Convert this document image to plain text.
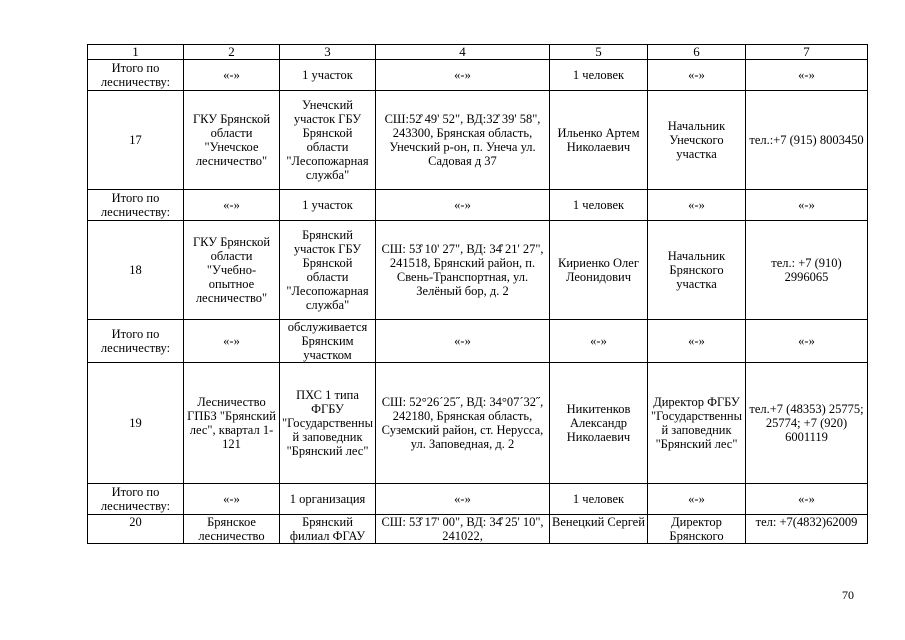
1	2	3	4	5	6	7
Итого по лесничеству:	«-»	1 участок	«-»	1 человек	«-»	«-»
17	ГКУ Брянской области "Унечское лесничество"	Унечский участок ГБУ Брянской области "Лесопожарная служба"	СШ:52̊ 49' 52", ВД:32̊ 39' 58", 243300, Брянская область, Унечский р-он, п. Унеча ул. Садовая д 37	Ильенко Артем Николаевич	Начальник Унечского участка	тел.:+7 (915) 8003450
Итого по лесничеству:	«-»	1 участок	«-»	1 человек	«-»	«-»
18	ГКУ Брянской области "Учебно-опытное лесничество"	Брянский участок ГБУ Брянской области "Лесопожарная служба"	СШ: 53̊ 10' 27", ВД: 34̊ 21' 27", 241518, Брянский район, п. Свень-Транспортная, ул. Зелёный бор, д. 2	Кириенко Олег Леонидович	Начальник Брянского участка	тел.: +7 (910) 2996065
Итого по лесничеству:	«-»	обслуживается Брянским участком	«-»	«-»	«-»	«-»
19	Лесничество ГПБЗ "Брянский лес", квартал 1-121	ПХС 1 типа ФГБУ "Государственный заповедник "Брянский лес"	СШ: 52°26´25˝, ВД: 34°07´32˝, 242180, Брянская область, Суземский район, ст. Нерусса, ул. Заповедная, д. 2	Никитенков Александр Николаевич	Директор ФГБУ "Государственный заповедник "Брянский лес"	тел.+7 (48353) 25775; 25774; +7 (920) 6001119
Итого по лесничеству:	«-»	1 организация	«-»	1 человек	«-»	«-»
20	Брянское лесничество	Брянский филиал ФГАУ	СШ: 53̊ 17' 00", ВД: 34̊ 25' 10", 241022,	Венецкий Сергей	Директор Брянского	тел: +7(4832)62009
70
